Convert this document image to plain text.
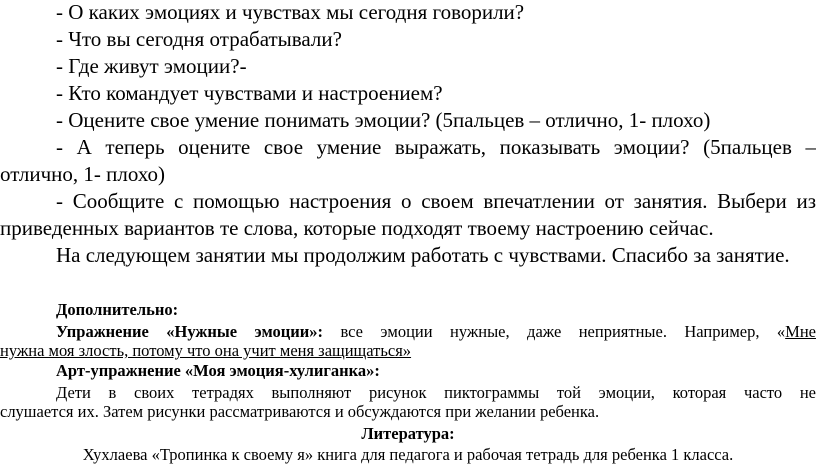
- О каких эмоциях и чувствах мы сегодня говорили?
- Что вы сегодня отрабатывали?
- Где живут эмоции?-
- Кто командует чувствами и настроением?
- Оцените свое умение понимать эмоции? (5пальцев – отлично, 1- плохо)
- А теперь оцените свое умение выражать, показывать эмоции? (5пальцев –
отлично, 1- плохо)
- Сообщите с помощью настроения о своем впечатлении от занятия. Выбери из
приведенных вариантов те слова, которые подходят твоему настроению сейчас.
На следующем занятии мы продолжим работать с чувствами. Спасибо за занятие.
Дополнительно:
Упражнение «Нужные эмоции»: все эмоции нужные, даже неприятные. Например, «Мне
нужна моя злость, потому что она учит меня защищаться»
Арт-упражнение «Моя эмоция-хулиганка»:
Дети в своих тетрадях выполняют рисунок пиктограммы той эмоции, которая часто не
слушается их. Затем рисунки рассматриваются и обсуждаются при желании ребенка.
Литература:
Хухлаева «Тропинка к своему я» книга для педагога и рабочая тетрадь для ребенка 1 класса.
